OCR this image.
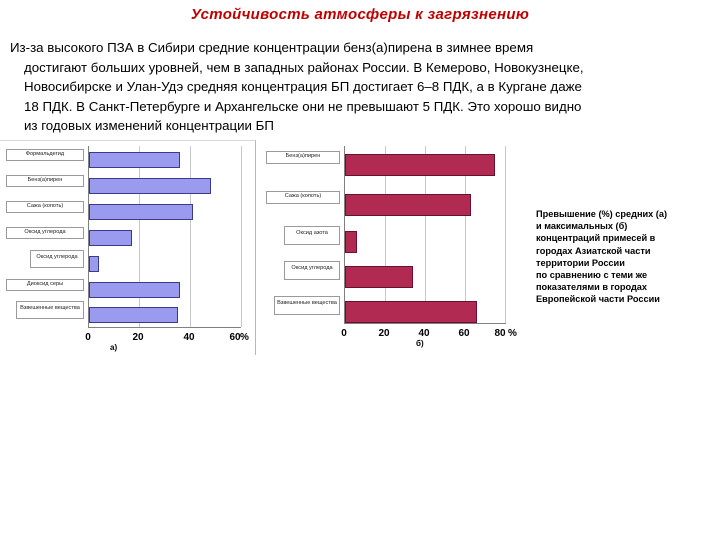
Устойчивость атмосферы к загрязнению

Из-за высокого ПЗА в Сибири средние концентрации бенз(а)пирена в зимнее время

достигают больших уровней, чем в западных районах России. В Кемерово, Новокузнецке,

Новосибирске и Улан-Удэ средняя концентрация БП достигает 6–8 ПДК, а в Кургане даже

18 ПДК. В Санкт-Петербурге и Архангельске они не превышают 5 ПДК. Это хорошо видно

из годовых изменений концентрации БП

Формальдегид
Бенз(а)пирен
Сажа (копоть)
Оксид углерода
Оксид углерода
Диоксид серы
Взвешенные вещества
0	20	40	60 %
а)
Бенз(а)пирен
Сажа (копоть)
Оксид азота
Оксид углерода
Взвешенные вещества
0	20	40	60	80 %
б)

Превышение (%) средних (а)

и максимальных (б)

концентраций примесей в

городах Азиатской части

территории России

по сравнению с теми же

показателями в городах

Европейской части России
